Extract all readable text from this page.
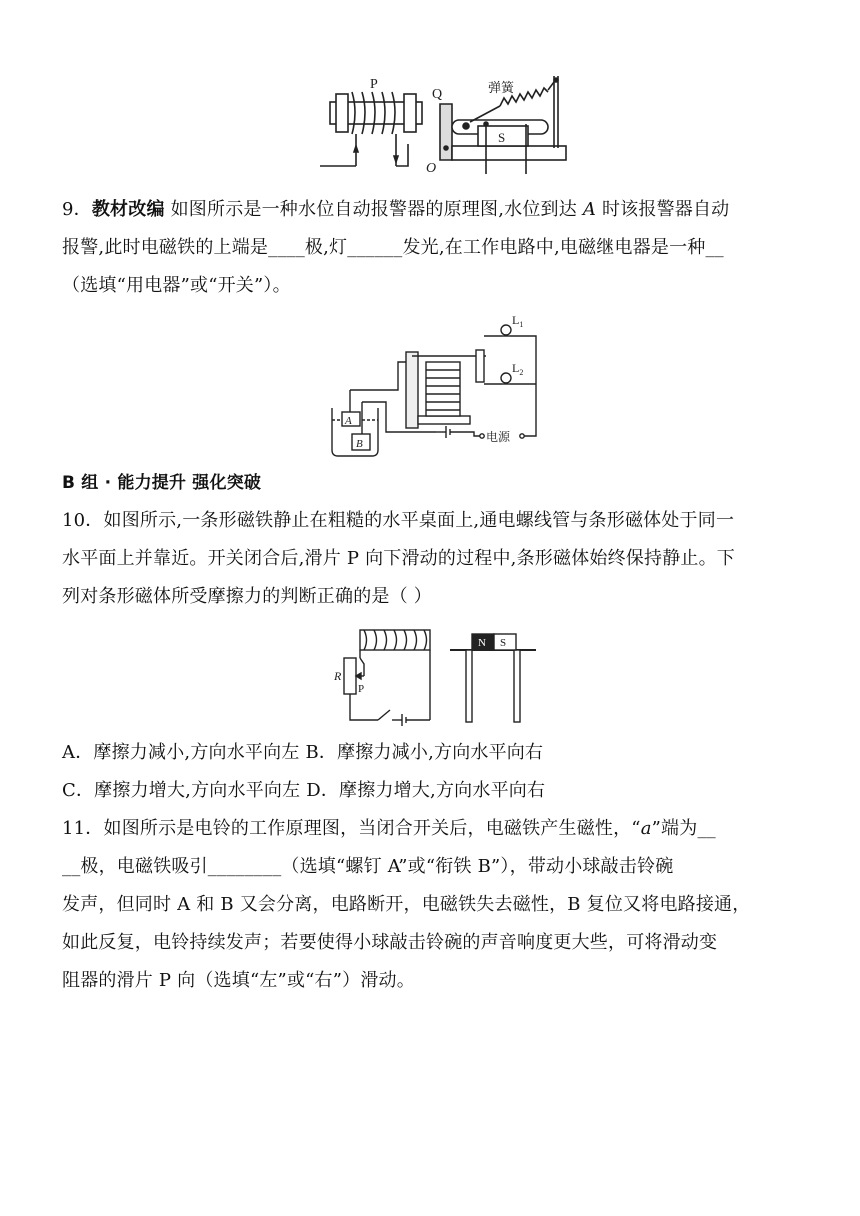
P
Q	弹簧
S
O
9．教材改编 如图所示是一种水位自动报警器的原理图,水位到达 A 时该报警器自动
报警,此时电磁铁的上端是____极,灯______发光,在工作电路中,电磁继电器是一种__
（选填“用电器”或“开关”）。
$L_1$
$L_2$
A
B	电源
B 组 · 能力提升 强化突破
10．如图所示,一条形磁铁静止在粗糙的水平桌面上,通电螺线管与条形磁体处于同一
水平面上并靠近。开关闭合后,滑片 P 向下滑动的过程中,条形磁体始终保持静止。下
列对条形磁体所受摩擦力的判断正确的是（ ）
R
P
N S
A．摩擦力减小,方向水平向左 B．摩擦力减小,方向水平向右
C．摩擦力增大,方向水平向左 D．摩擦力增大,方向水平向右
11．如图所示是电铃的工作原理图，当闭合开关后，电磁铁产生磁性，“a”端为__
__极，电磁铁吸引________（选填“螺钉 A”或“衔铁 B”），带动小球敲击铃碗
发声，但同时 A 和 B 又会分离，电路断开，电磁铁失去磁性，B 复位又将电路接通，
如此反复，电铃持续发声；若要使得小球敲击铃碗的声音响度更大些，可将滑动变
阻器的滑片 P 向（选填“左”或“右”）滑动。
